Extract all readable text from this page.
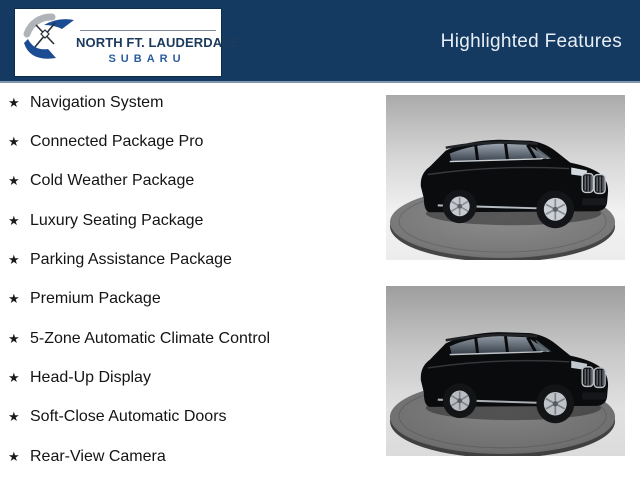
NORTH FT. LAUDERDALE
SUBARU
Highlighted Features
★ Navigation System
★ Connected Package Pro
★ Cold Weather Package
★ Luxury Seating Package
★ Parking Assistance Package
★ Premium Package
★ 5-Zone Automatic Climate Control
★ Head-Up Display
★ Soft-Close Automatic Doors
★ Rear-View Camera
